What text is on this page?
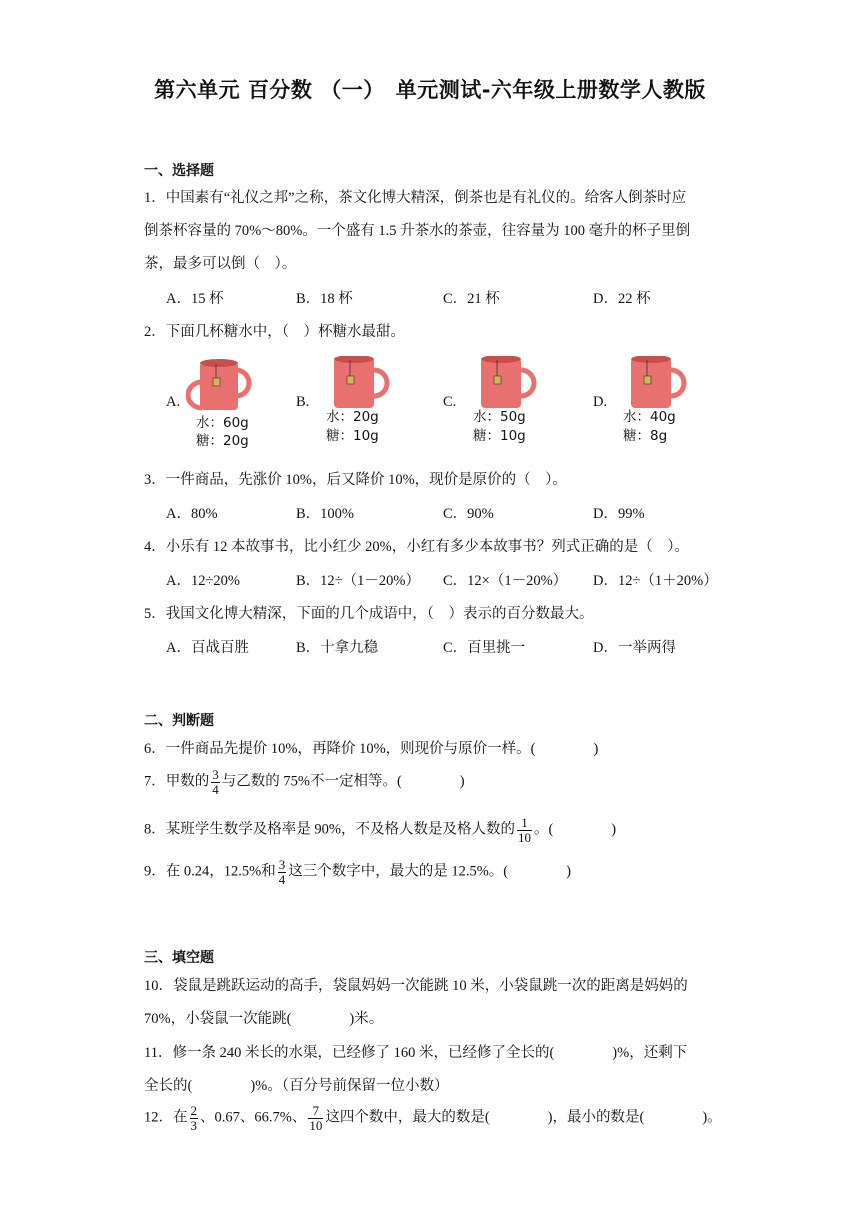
第六单元 百分数 （一）　单元测试-六年级上册数学人教版
一、选择题
1．中国素有“礼仪之邦”之称，茶文化博大精深，倒茶也是有礼仪的。给客人倒茶时应
倒茶杯容量的 70%～80%。一个盛有 1.5 升茶水的茶壶，往容量为 100 毫升的杯子里倒
茶，最多可以倒（　）。
A．15 杯	B．18 杯	C．21 杯	D．22 杯
2．下面几杯糖水中，（　）杯糖水最甜。
A.
水：60g
糖：20g
B.
水：20g
糖：10g
C.
水：50g
糖：10g
D.
水：40g
糖：8g
3．一件商品，先涨价 10%，后又降价 10%，现价是原价的（　）。
A．80%	B．100%	C．90%	D．99%
4．小乐有 12 本故事书，比小红少 20%，小红有多少本故事书？列式正确的是（　）。
A．12÷20%	B．12÷（1－20%） C．12×（1－20%） D．12÷（1＋20%）
5．我国文化博大精深，下面的几个成语中，（　）表示的百分数最大。
A．百战百胜	B．十拿九稳	C．百里挑一	D．一举两得
二、判断题
6．一件商品先提价 10%，再降价 10%，则现价与原价一样。(　　　　)
7．甲数的 $\frac{3}{4}$ 与乙数的 75%不一定相等。(　　　　)
8．某班学生数学及格率是 90%，不及格人数是及格人数的 $\frac{1}{10}$ 。(　　　　)
9．在 0.24，12.5%和 $\frac{3}{4}$ 这三个数字中，最大的是 12.5%。(　　　　)
三、填空题
10．袋鼠是跳跃运动的高手，袋鼠妈妈一次能跳 10 米，小袋鼠跳一次的距离是妈妈的
70%，小袋鼠一次能跳(　　　　)米。
11．修一条 240 米长的水渠，已经修了 160 米，已经修了全长的(　　　　)%，还剩下
全长的(　　　　)%。（百分号前保留一位小数）
12．在 $\frac{2}{3}$ 、0.67、66.7%、 $\frac{7}{10}$ 这四个数中，最大的数是(　　　　)，最小的数是(　　　　)。
